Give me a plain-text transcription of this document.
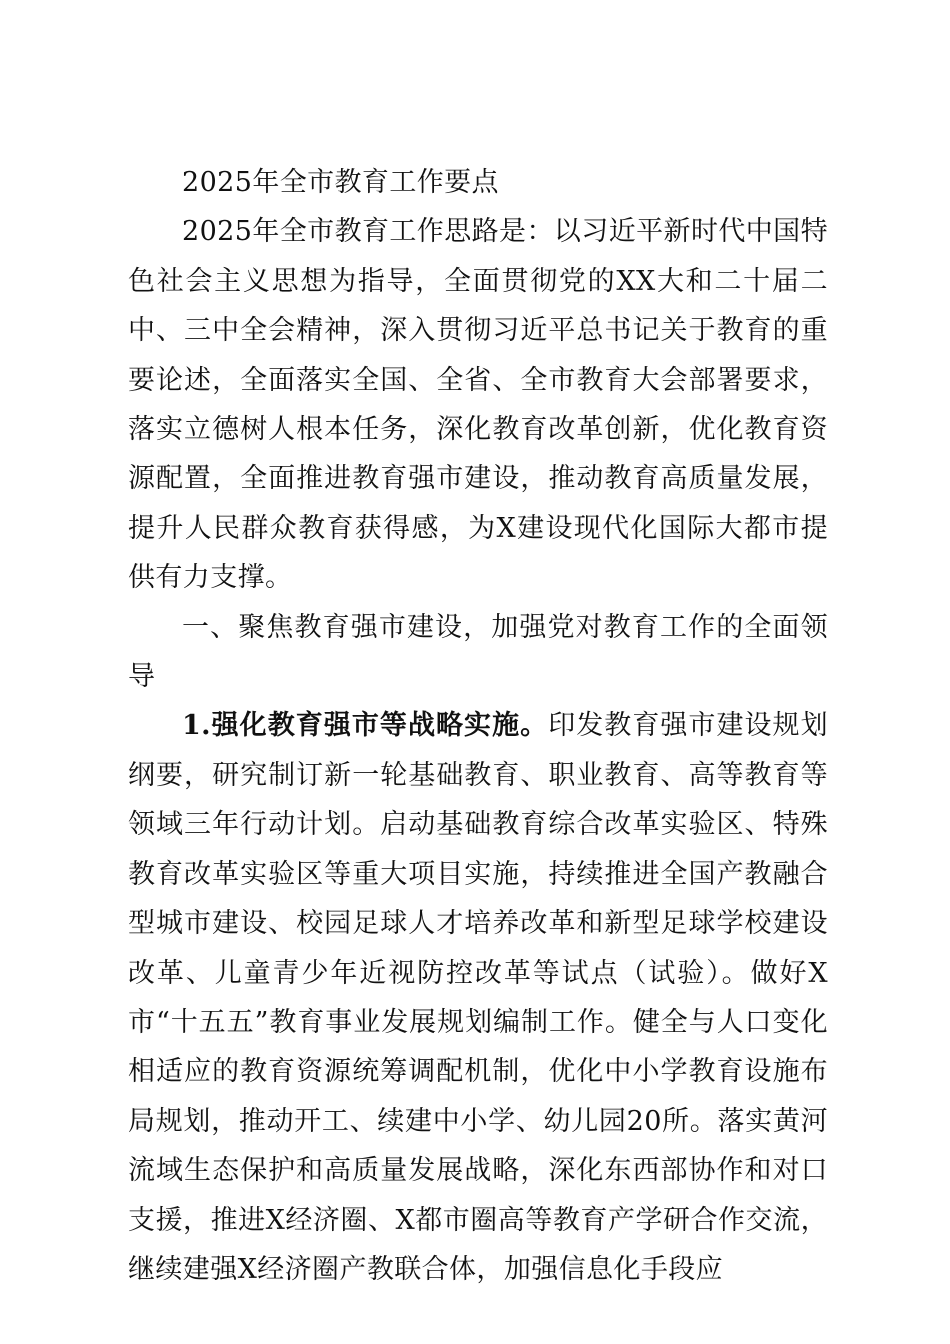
2025年全市教育工作要点

2025年全市教育工作思路是：以习近平新时代中国特色社会主义思想为指导，全面贯彻党的XX大和二十届二中、三中全会精神，深入贯彻习近平总书记关于教育的重要论述，全面落实全国、全省、全市教育大会部署要求，落实立德树人根本任务，深化教育改革创新，优化教育资源配置，全面推进教育强市建设，推动教育高质量发展，提升人民群众教育获得感，为X建设现代化国际大都市提供有力支撑。

一、聚焦教育强市建设，加强党对教育工作的全面领导

1.强化教育强市等战略实施。印发教育强市建设规划纲要，研究制订新一轮基础教育、职业教育、高等教育等领域三年行动计划。启动基础教育综合改革实验区、特殊教育改革实验区等重大项目实施，持续推进全国产教融合型城市建设、校园足球人才培养改革和新型足球学校建设改革、儿童青少年近视防控改革等试点（试验）。做好X市“十五五”教育事业发展规划编制工作。健全与人口变化相适应的教育资源统筹调配机制，优化中小学教育设施布局规划，推动开工、续建中小学、幼儿园20所。落实黄河流域生态保护和高质量发展战略，深化东西部协作和对口支援，推进X经济圈、X都市圈高等教育产学研合作交流，继续建强X经济圈产教联合体，加强信息化手段应
